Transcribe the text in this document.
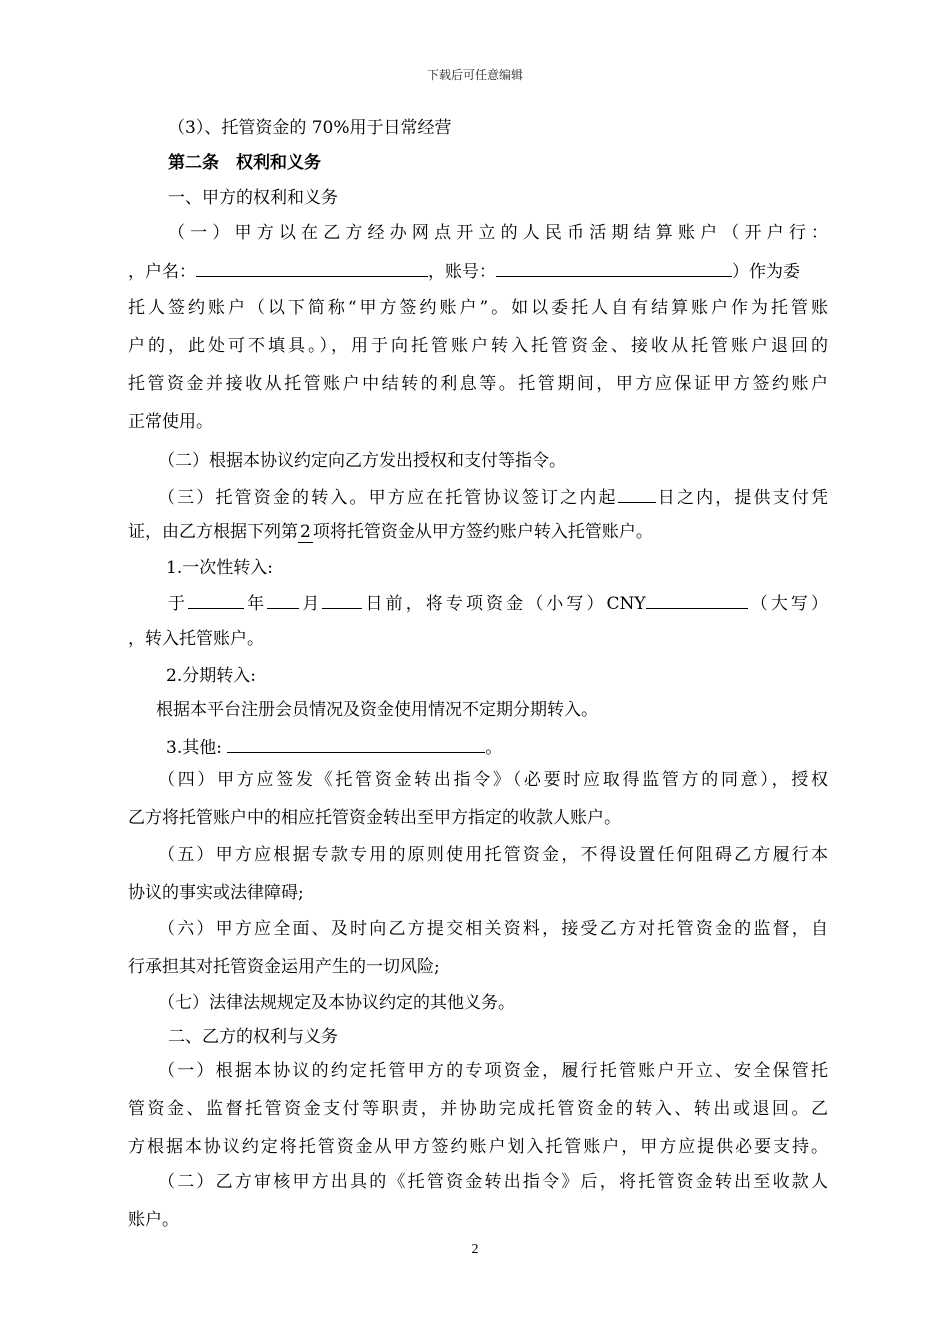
下载后可任意编辑
（3）、托管资金的 70%用于日常经营
第二条　权利和义务
一、甲方的权利和义务
（一）甲方以在乙方经办网点开立的人民币活期结算账户（开户行：
，户名：	，账号：	）作为委
托人签约账户（以下简称“甲方签约账户”。如以委托人自有结算账户作为托管账
户的，此处可不填具。），用于向托管账户转入托管资金、接收从托管账户退回的
托管资金并接收从托管账户中结转的利息等。托管期间，甲方应保证甲方签约账户
正常使用。
（二）根据本协议约定向乙方发出授权和支付等指令。
（三）托管资金的转入。甲方应在托管协议签订之内起 日之内，提供支付凭
证，由乙方根据下列第 2 项将托管资金从甲方签约账户转入托管账户。
1.一次性转入:
于	年 月 日前，将专项资金（小写）CNY	（大写）
，转入托管账户。
2.分期转入:
根据本平台注册会员情况及资金使用情况不定期分期转入。
3.其他:	。
（四）甲方应签发《托管资金转出指令》（必要时应取得监管方的同意），授权
乙方将托管账户中的相应托管资金转出至甲方指定的收款人账户。
（五）甲方应根据专款专用的原则使用托管资金，不得设置任何阻碍乙方履行本
协议的事实或法律障碍;
（六）甲方应全面、及时向乙方提交相关资料，接受乙方对托管资金的监督，自
行承担其对托管资金运用产生的一切风险;
（七）法律法规规定及本协议约定的其他义务。
二、乙方的权利与义务
（一）根据本协议的约定托管甲方的专项资金，履行托管账户开立、安全保管托
管资金、监督托管资金支付等职责，并协助完成托管资金的转入、转出或退回。乙
方根据本协议约定将托管资金从甲方签约账户划入托管账户，甲方应提供必要支持。
（二）乙方审核甲方出具的《托管资金转出指令》后，将托管资金转出至收款人
账户。
2
